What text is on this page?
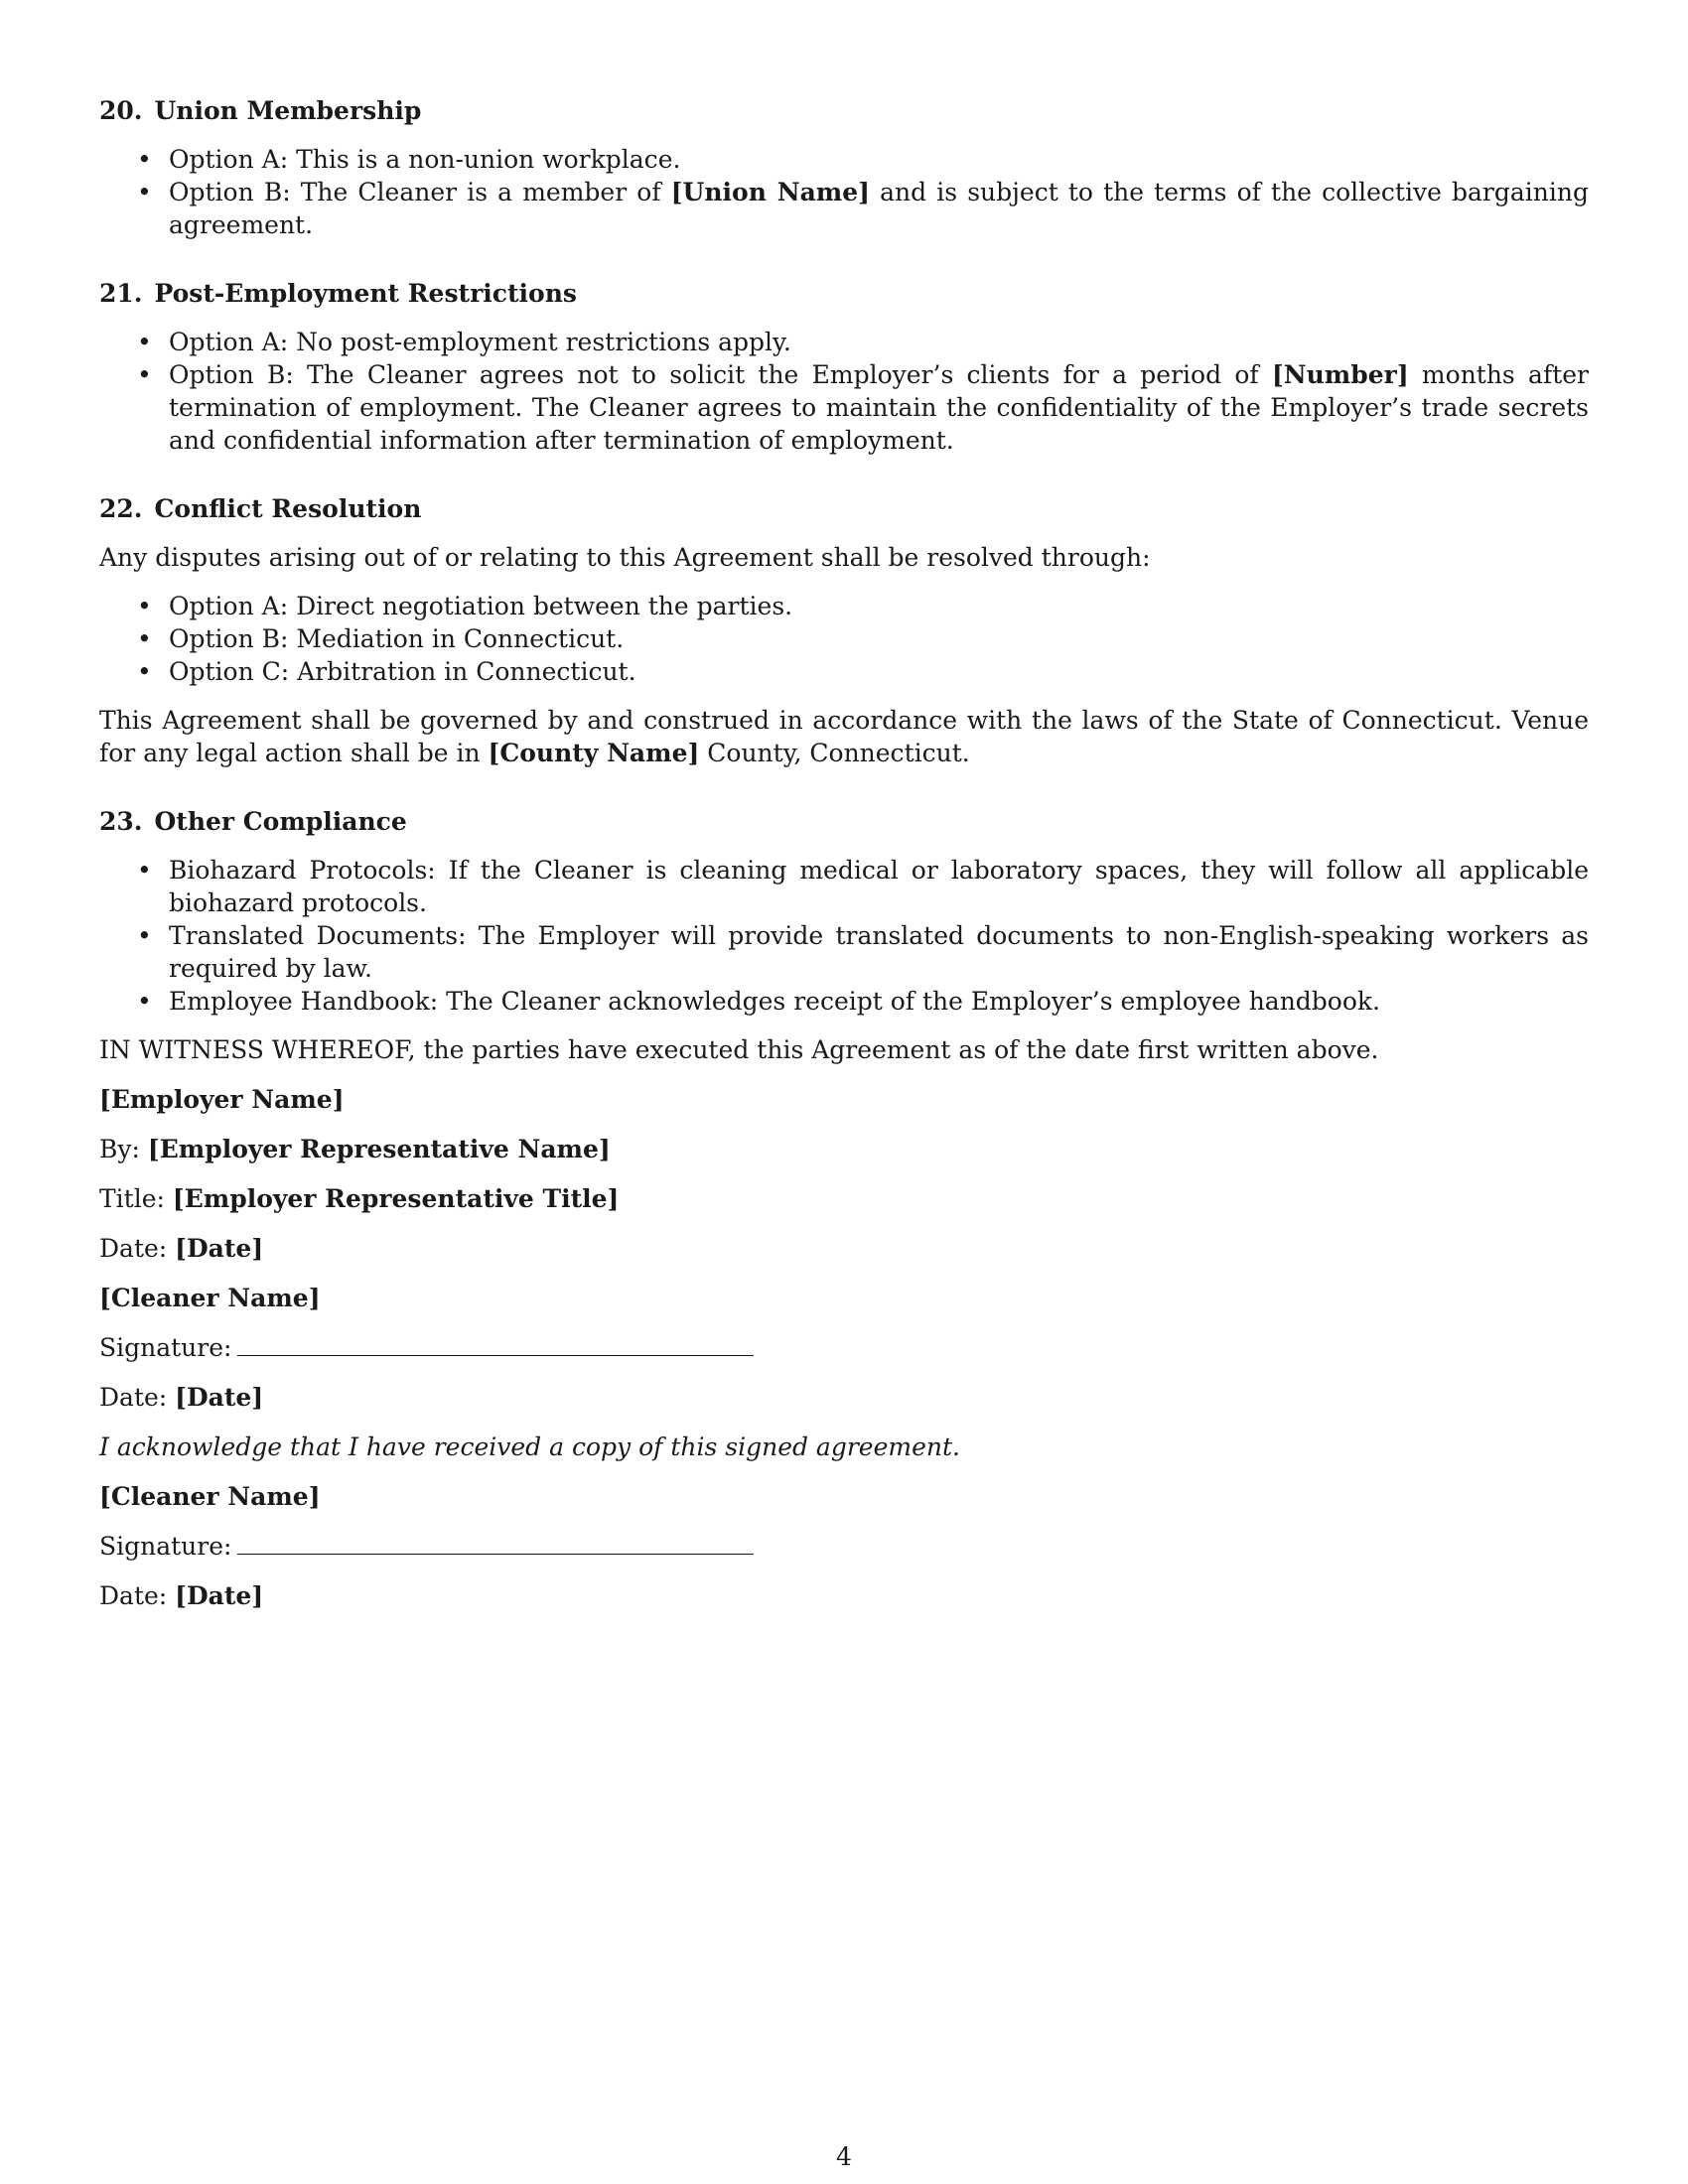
20. Union Membership
• Option A: This is a non-union workplace.
• Option B: The Cleaner is a member of [Union Name] and is subject to the terms of the collective bargaining agreement.
21. Post-Employment Restrictions
• Option A: No post-employment restrictions apply.
• Option B: The Cleaner agrees not to solicit the Employer’s clients for a period of [Number] months after termination of employment. The Cleaner agrees to maintain the confidentiality of the Employer’s trade secrets and confidential information after termination of employment.
22. Conflict Resolution

Any disputes arising out of or relating to this Agreement shall be resolved through:

• Option A: Direct negotiation between the parties.
• Option B: Mediation in Connecticut.
• Option C: Arbitration in Connecticut.

This Agreement shall be governed by and construed in accordance with the laws of the State of Connecticut. Venue for any legal action shall be in [County Name] County, Connecticut.

23. Other Compliance
• Biohazard Protocols: If the Cleaner is cleaning medical or laboratory spaces, they will follow all applicable biohazard protocols.
• Translated Documents: The Employer will provide translated documents to non-English-speaking workers as required by law.
• Employee Handbook: The Cleaner acknowledges receipt of the Employer’s employee handbook.

IN WITNESS WHEREOF, the parties have executed this Agreement as of the date first written above.

[Employer Name]

By: [Employer Representative Name]

Title: [Employer Representative Title]

Date: [Date]

[Cleaner Name]

Signature:

Date: [Date]

I acknowledge that I have received a copy of this signed agreement.

[Cleaner Name]

Signature:

Date: [Date]

4
